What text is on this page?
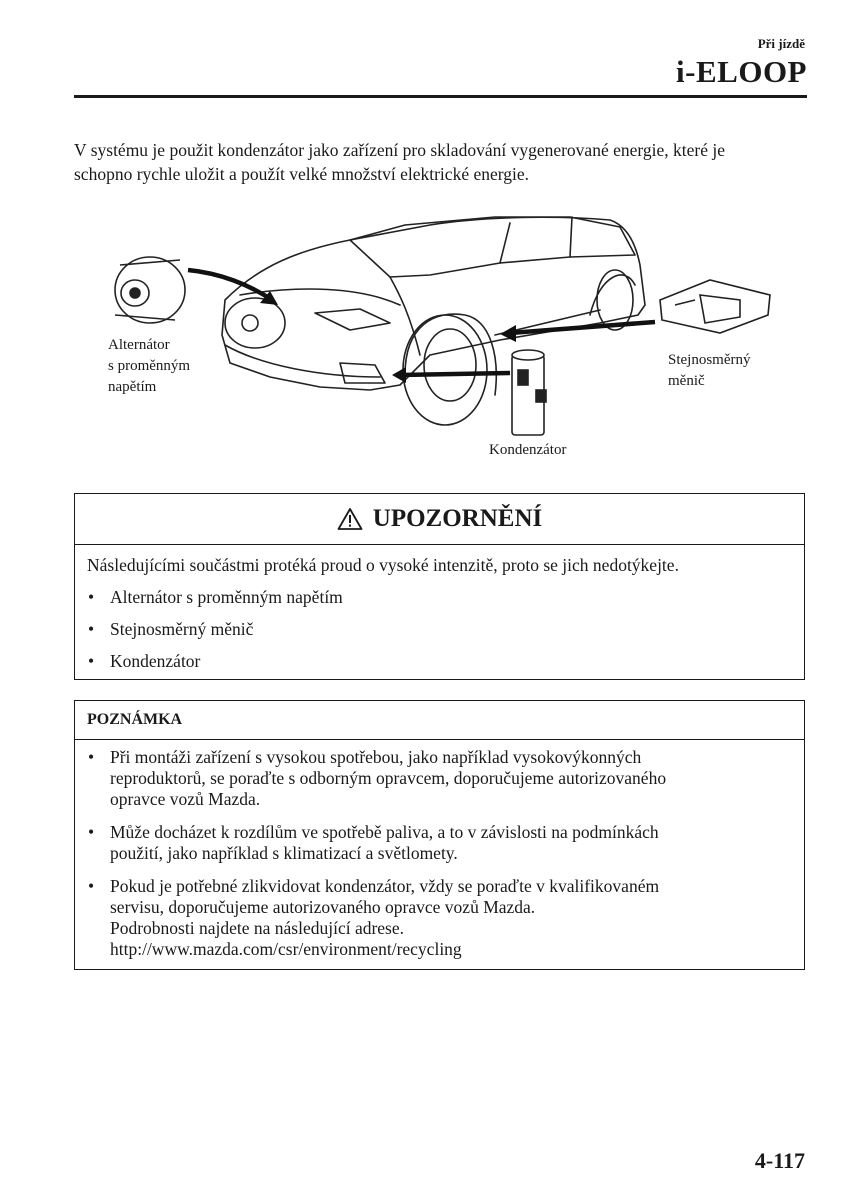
Při jízdě
i-ELOOP
V systému je použit kondenzátor jako zařízení pro skladování vygenerované energie, které je schopno rychle uložit a použít velké množství elektrické energie.
Alternátor
s proměnným
napětím
Stejnosměrný
měnič
Kondenzátor
UPOZORNĚNÍ

Následujícími součástmi protéká proud o vysoké intenzitě, proto se jich nedotýkejte.

• Alternátor s proměnným napětím
• Stejnosměrný měnič
• Kondenzátor
POZNÁMKA
• Při montáži zařízení s vysokou spotřebou, jako například vysokovýkonných
reproduktorů, se poraďte s odborným opravcem, doporučujeme autorizovaného
opravce vozů Mazda.
• Může docházet k rozdílům ve spotřebě paliva, a to v závislosti na podmínkách
použití, jako například s klimatizací a světlomety.
• Pokud je potřebné zlikvidovat kondenzátor, vždy se poraďte v kvalifikovaném
servisu, doporučujeme autorizovaného opravce vozů Mazda.
Podrobnosti najdete na následující adrese.
http://www.mazda.com/csr/environment/recycling
4-117
